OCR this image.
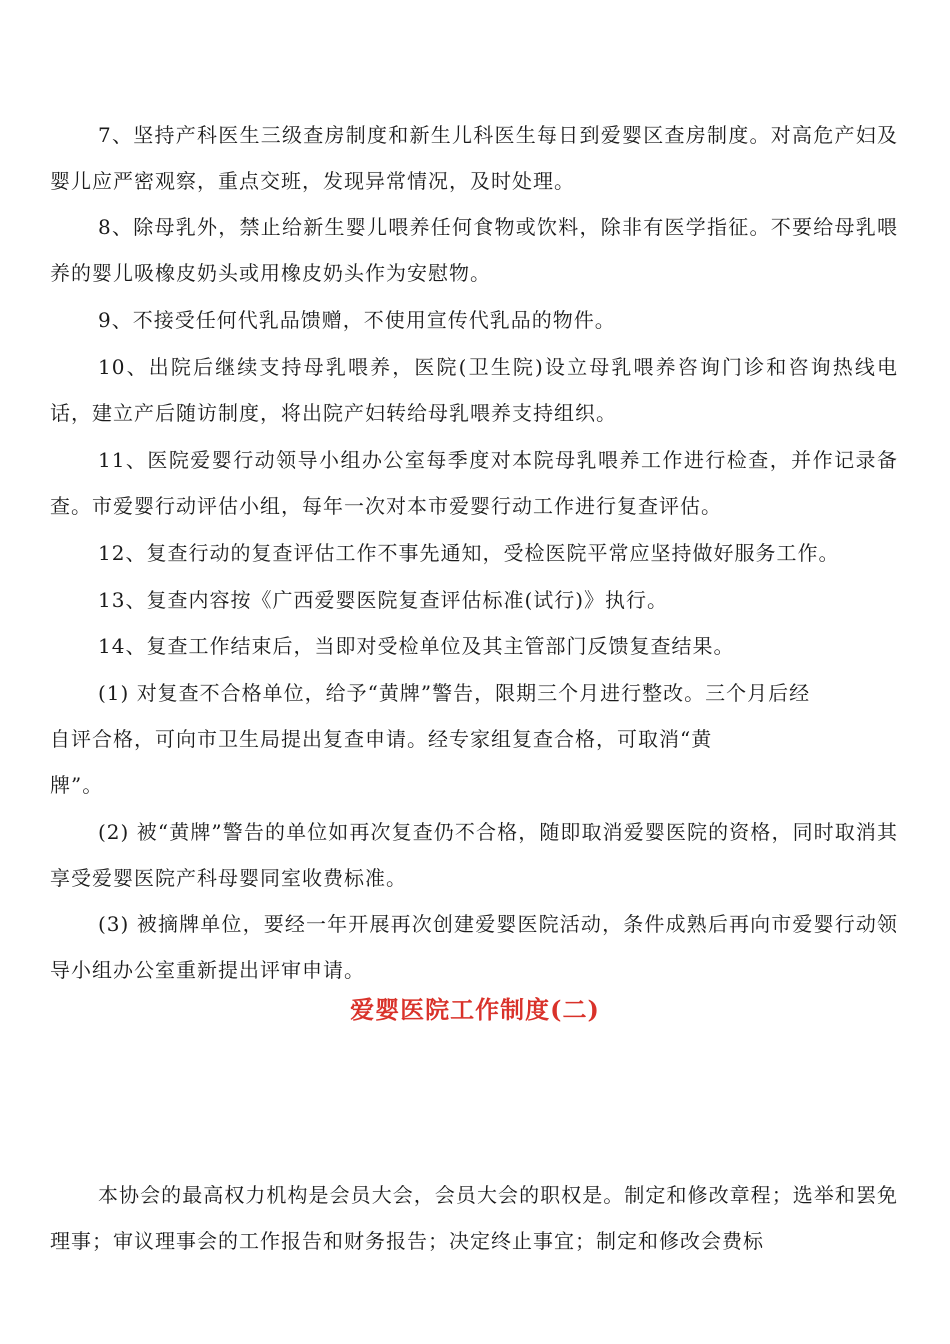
7、坚持产科医生三级查房制度和新生儿科医生每日到爱婴区查房制度。对高危产妇及婴儿应严密观察，重点交班，发现异常情况，及时处理。

8、除母乳外，禁止给新生婴儿喂养任何食物或饮料，除非有医学指征。不要给母乳喂养的婴儿吸橡皮奶头或用橡皮奶头作为安慰物。

9、不接受任何代乳品馈赠，不使用宣传代乳品的物件。

10、出院后继续支持母乳喂养，医院(卫生院)设立母乳喂养咨询门诊和咨询热线电话，建立产后随访制度，将出院产妇转给母乳喂养支持组织。

11、医院爱婴行动领导小组办公室每季度对本院母乳喂养工作进行检查，并作记录备查。市爱婴行动评估小组，每年一次对本市爱婴行动工作进行复查评估。

12、复查行动的复查评估工作不事先通知，受检医院平常应坚持做好服务工作。

13、复查内容按《广西爱婴医院复查评估标准(试行)》执行。

14、复查工作结束后，当即对受检单位及其主管部门反馈复查结果。

(1) 对复查不合格单位，给予“黄牌”警告，限期三个月进行整改。三个月后经

自评合格，可向市卫生局提出复查申请。经专家组复查合格，可取消“黄

牌”。

(2) 被“黄牌”警告的单位如再次复查仍不合格，随即取消爱婴医院的资格，同时取消其享受爱婴医院产科母婴同室收费标准。

(3) 被摘牌单位，要经一年开展再次创建爱婴医院活动，条件成熟后再向市爱婴行动领导小组办公室重新提出评审申请。

爱婴医院工作制度(二)

本协会的最高权力机构是会员大会，会员大会的职权是。制定和修改章程；选举和罢免理事；审议理事会的工作报告和财务报告；决定终止事宜；制定和修改会费标
